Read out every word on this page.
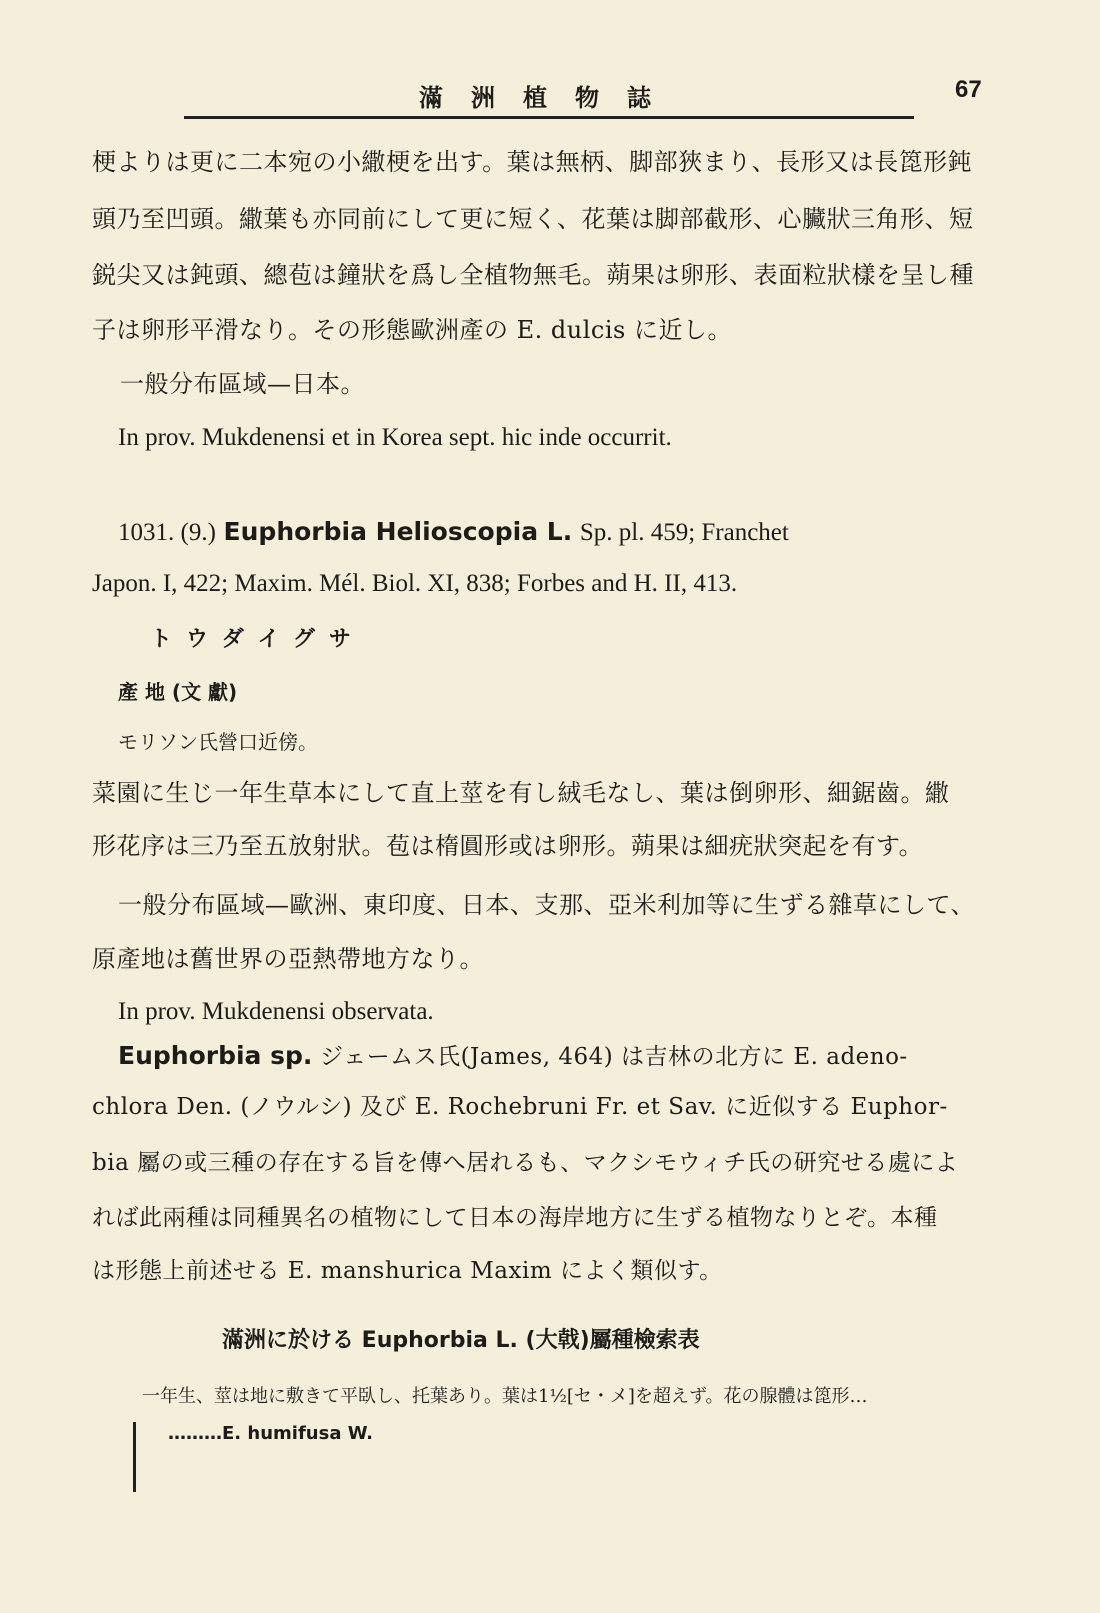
滿洲植物誌	67
梗よりは更に二本宛の小繖梗を出す。葉は無柄、脚部狹まり、長形又は長箆形鈍
頭乃至凹頭。繖葉も亦同前にして更に短く、花葉は脚部截形、心臟狀三角形、短
鋭尖又は鈍頭、總苞は鐘狀を爲し全植物無毛。蒴果は卵形、表面粒狀樣を呈し種
子は卵形平滑なり。その形態歐洲產の E. dulcis に近し。
一般分布區域—日本。
In prov. Mukdenensi et in Korea sept. hic inde occurrit.
1031. (9.) Euphorbia Helioscopia L. Sp. pl. 459; Franchet
Japon. I, 422; Maxim. Mél. Biol. XI, 838; Forbes and H. II, 413.
トウダイグサ
產 地 (文 獻)
モリソン氏營口近傍。
菜園に生じ一年生草本にして直上莖を有し絨毛なし、葉は倒卵形、細鋸齒。繖
形花序は三乃至五放射狀。苞は楕圓形或は卵形。蒴果は細疣狀突起を有す。
一般分布區域—歐洲、東印度、日本、支那、亞米利加等に生ずる雜草にして、
原產地は舊世界の亞熱帶地方なり。
In prov. Mukdenensi observata.
Euphorbia sp. ジェームス氏(James, 464) は吉林の北方に E. adeno-
chlora Den. (ノウルシ) 及び E. Rochebruni Fr. et Sav. に近似する Euphor-
bia 屬の或三種の存在する旨を傳へ居れるも、マクシモウィチ氏の研究せる處によ
れば此兩種は同種異名の植物にして日本の海岸地方に生ずる植物なりとぞ。本種
は形態上前述せる E. manshurica Maxim によく類似す。
滿洲に於ける Euphorbia L. (大戟)屬種檢索表
一年生、莖は地に敷きて平臥し、托葉あり。葉は1½[セ・メ]を超えず。花の腺體は箆形…
………E. humifusa W.
